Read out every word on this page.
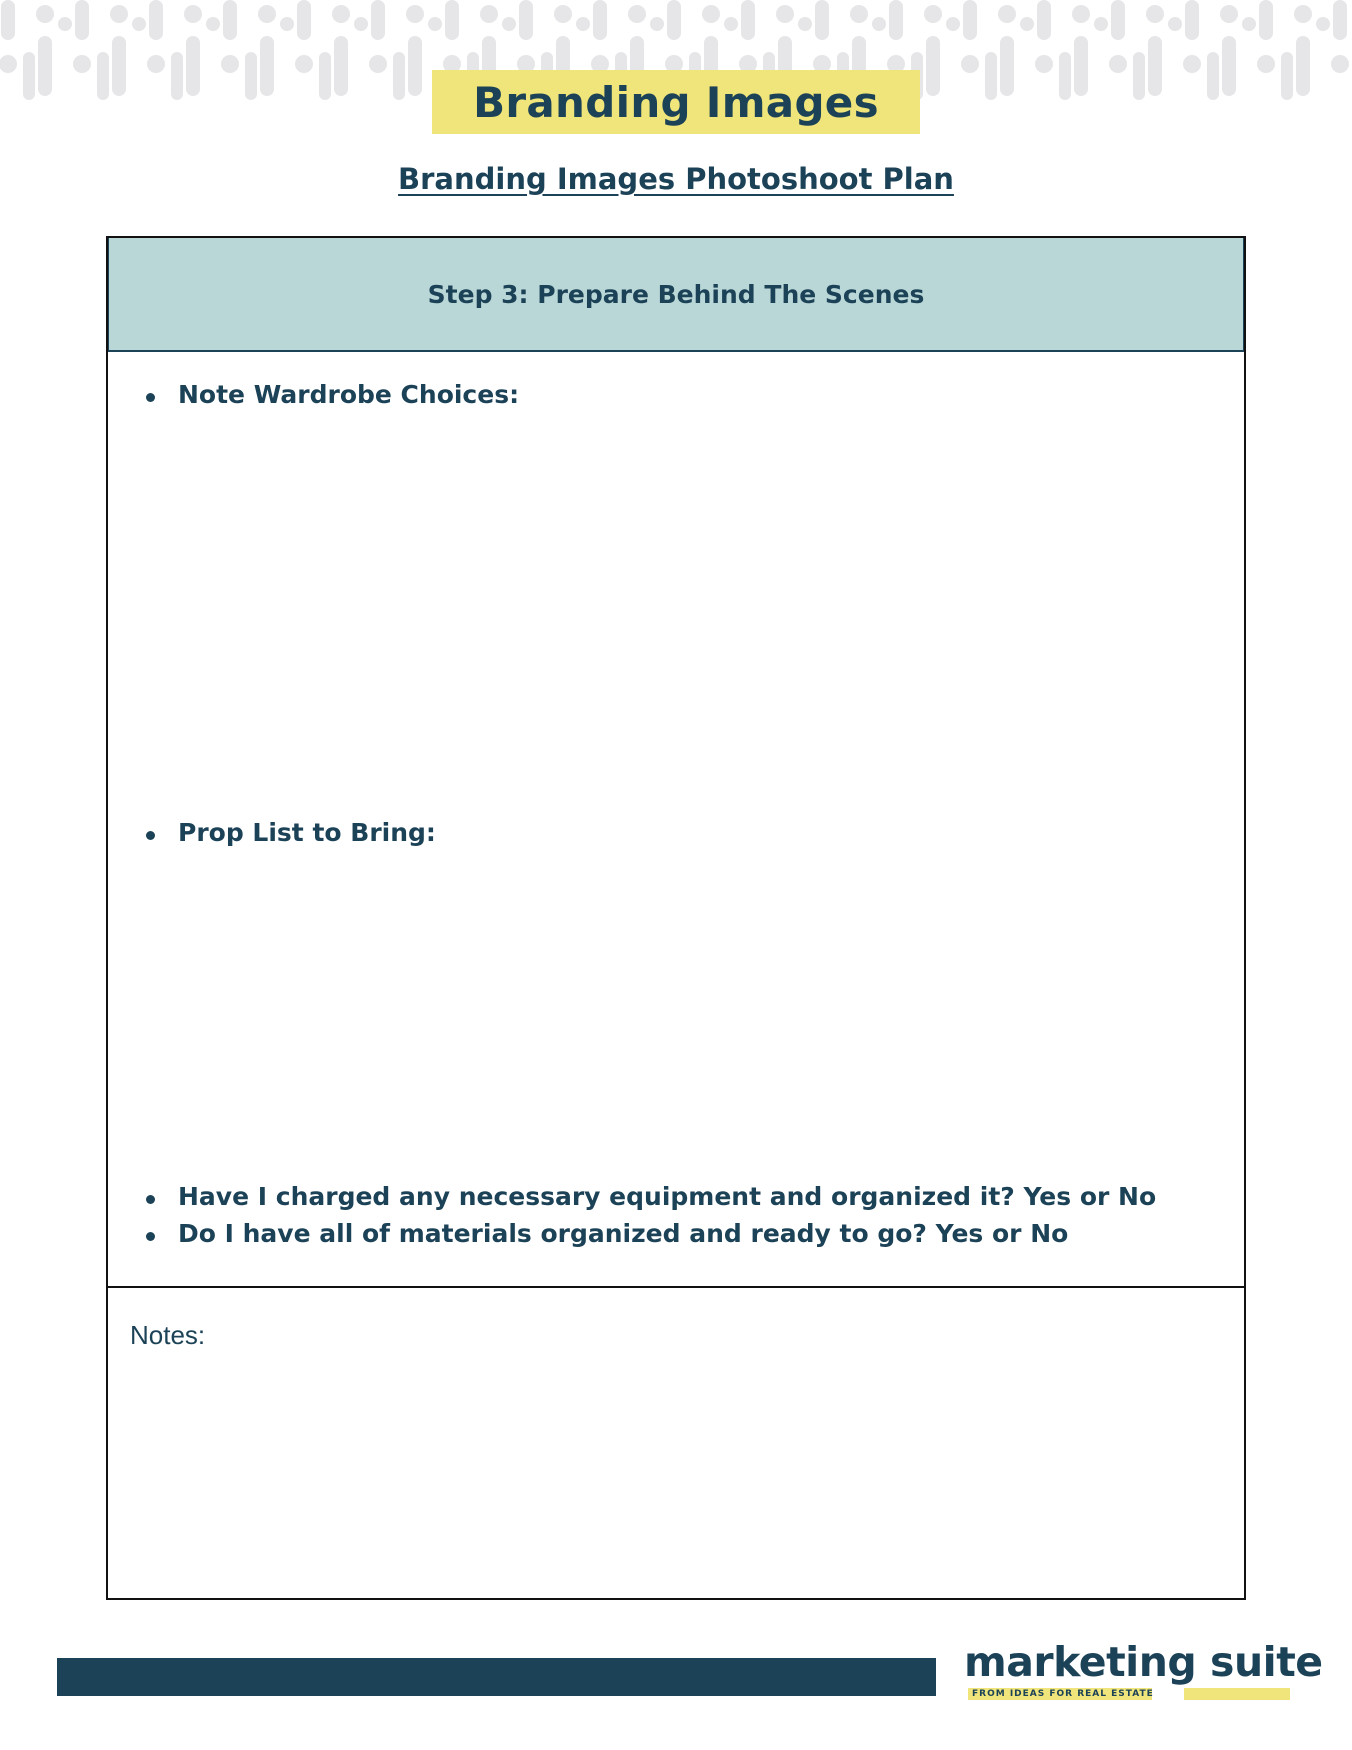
Branding Images
Branding Images Photoshoot Plan
Step 3: Prepare Behind The Scenes
Note Wardrobe Choices:
Prop List to Bring:
Have I charged any necessary equipment and organized it? Yes or No
Do I have all of materials organized and ready to go? Yes or No
Notes:
marketing suite
FROM IDEAS FOR REAL ESTATE
